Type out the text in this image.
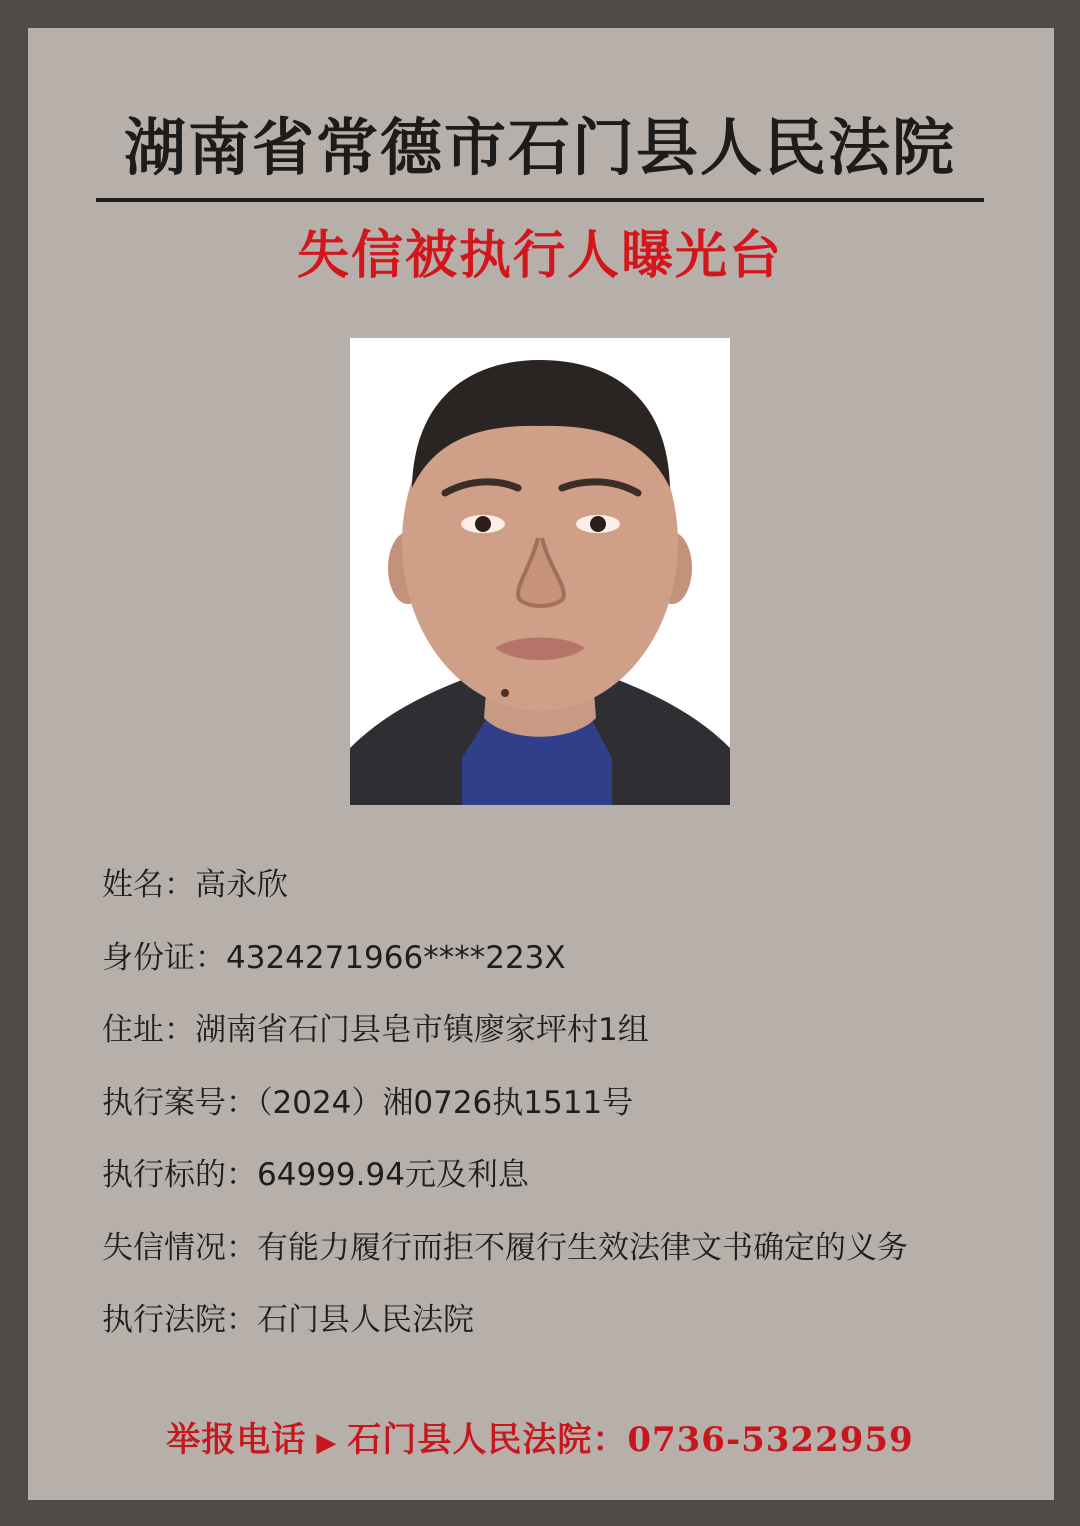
湖南省常德市石门县人民法院
失信被执行人曝光台
姓名：高永欣
身份证：4324271966****223X
住址：湖南省石门县皂市镇廖家坪村1组
执行案号：（2024）湘0726执1511号
执行标的：64999.94元及利息
失信情况：有能力履行而拒不履行生效法律文书确定的义务
执行法院：石门县人民法院
举报电话 ▶ 石门县人民法院：0736-5322959
